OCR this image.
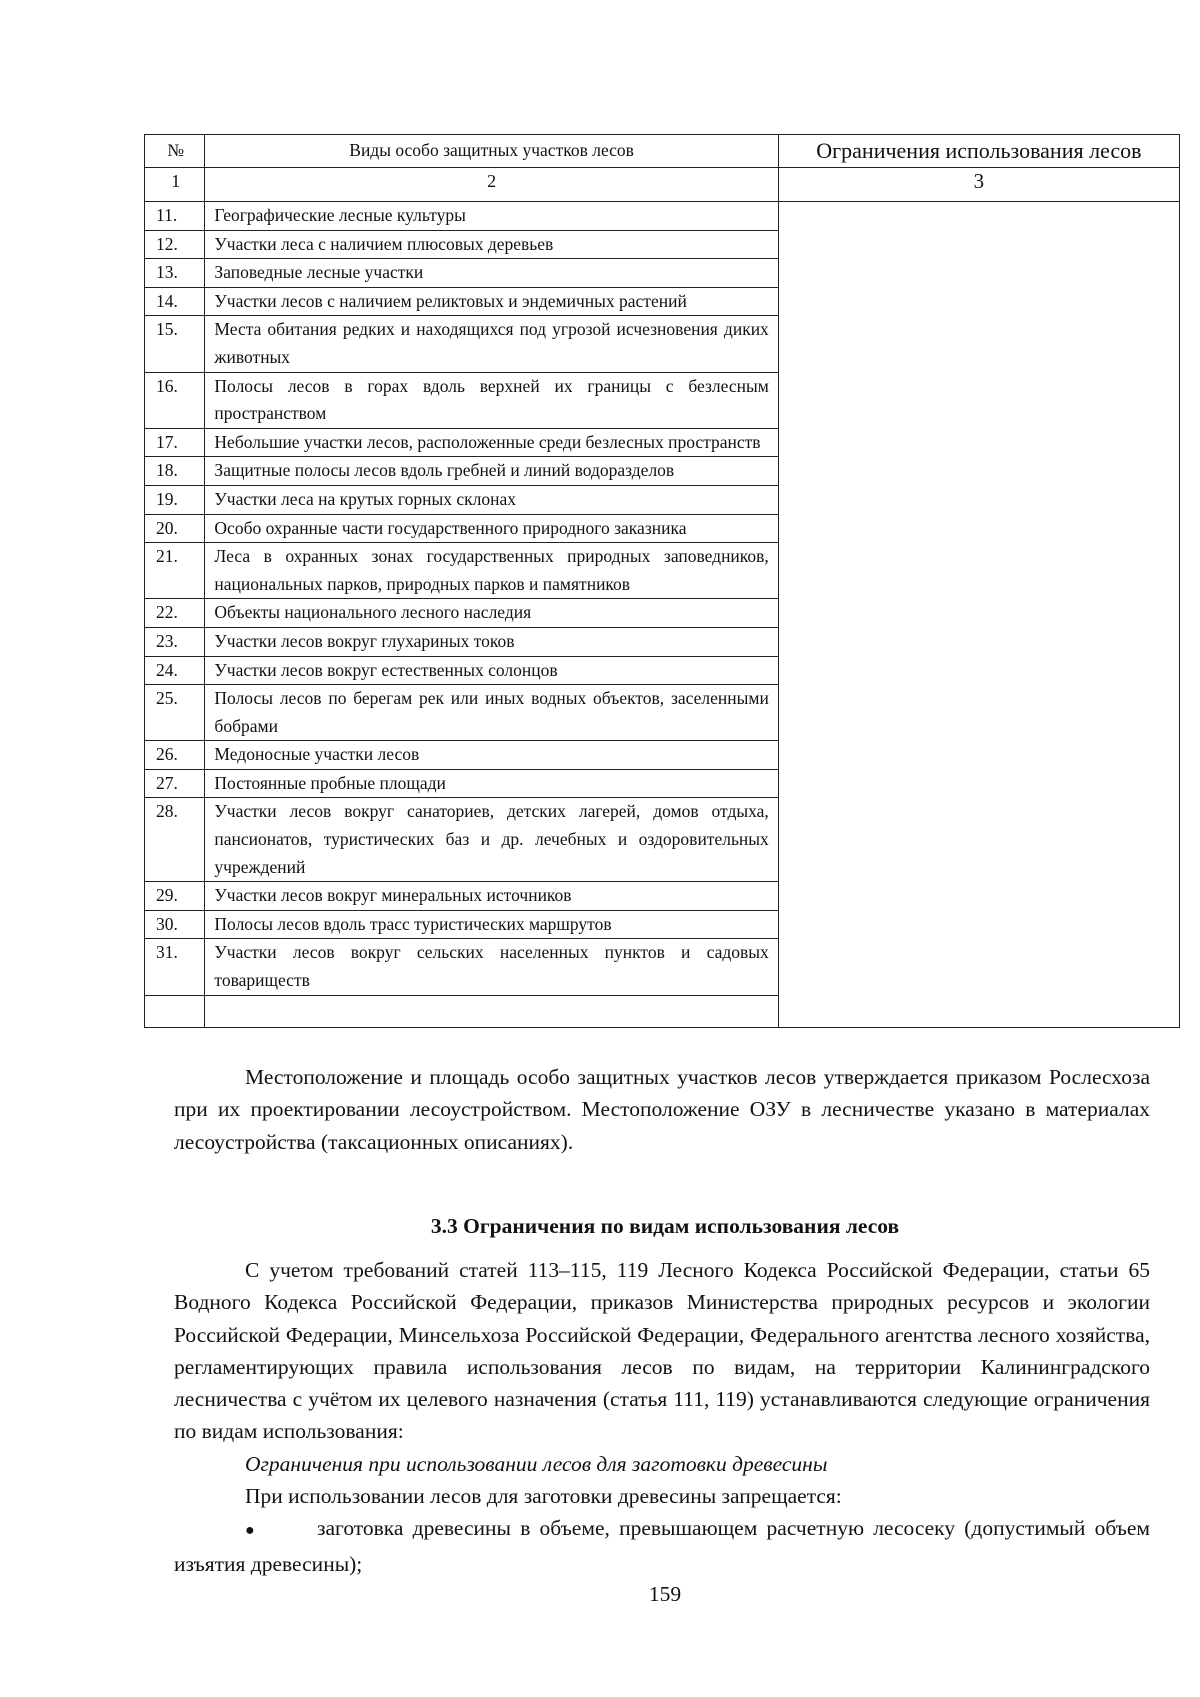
№	Виды особо защитных участков лесов	Ограничения использования лесов
1	2	3
11.	Географические лесные культуры	
12.	Участки леса с наличием плюсовых деревьев	
13.	Заповедные лесные участки	
14.	Участки лесов с наличием реликтовых и эндемичных растений	
15.	Места обитания редких и находящихся под угрозой исчезновения диких животных	
16.	Полосы лесов в горах вдоль верхней их границы с безлесным пространством	
17.	Небольшие участки лесов, расположенные среди безлесных пространств	
18.	Защитные полосы лесов вдоль гребней и линий водоразделов	
19.	Участки леса на крутых горных склонах	
20.	Особо охранные части государственного природного заказника	
21.	Леса в охранных зонах государственных природных заповедников, национальных парков, природных парков и памятников	
22.	Объекты национального лесного наследия	
23.	Участки лесов вокруг глухариных токов	
24.	Участки лесов вокруг естественных солонцов	
25.	Полосы лесов по берегам рек или иных водных объектов, заселенными бобрами	
26.	Медоносные участки лесов	
27.	Постоянные пробные площади	
28.	Участки лесов вокруг санаториев, детских лагерей, домов отдыха, пансионатов, туристических баз и др. лечебных и оздоровительных учреждений	
29.	Участки лесов вокруг минеральных источников	
30.	Полосы лесов вдоль трасс туристических маршрутов	
31.	Участки лесов вокруг сельских населенных пунктов и садовых товариществ	

Местоположение и площадь особо защитных участков лесов утверждается приказом Рослесхоза при их проектировании лесоустройством. Местоположение ОЗУ в лесничестве указано в материалах лесоустройства (таксационных описаниях).

3.3 Ограничения по видам использования лесов

С учетом требований статей 113–115, 119 Лесного Кодекса Российской Федерации, статьи 65 Водного Кодекса Российской Федерации, приказов Министерства природных ресурсов и экологии Российской Федерации, Минсельхоза Российской Федерации, Федерального агентства лесного хозяйства, регламентирующих правила использования лесов по видам, на территории Калининградского лесничества с учётом их целевого назначения (статья 111, 119) устанавливаются следующие ограничения по видам использования:

Ограничения при использовании лесов для заготовки древесины

При использовании лесов для заготовки древесины запрещается:

●	заготовка древесины в объеме, превышающем расчетную лесосеку (допустимый объем изъятия древесины);

159
